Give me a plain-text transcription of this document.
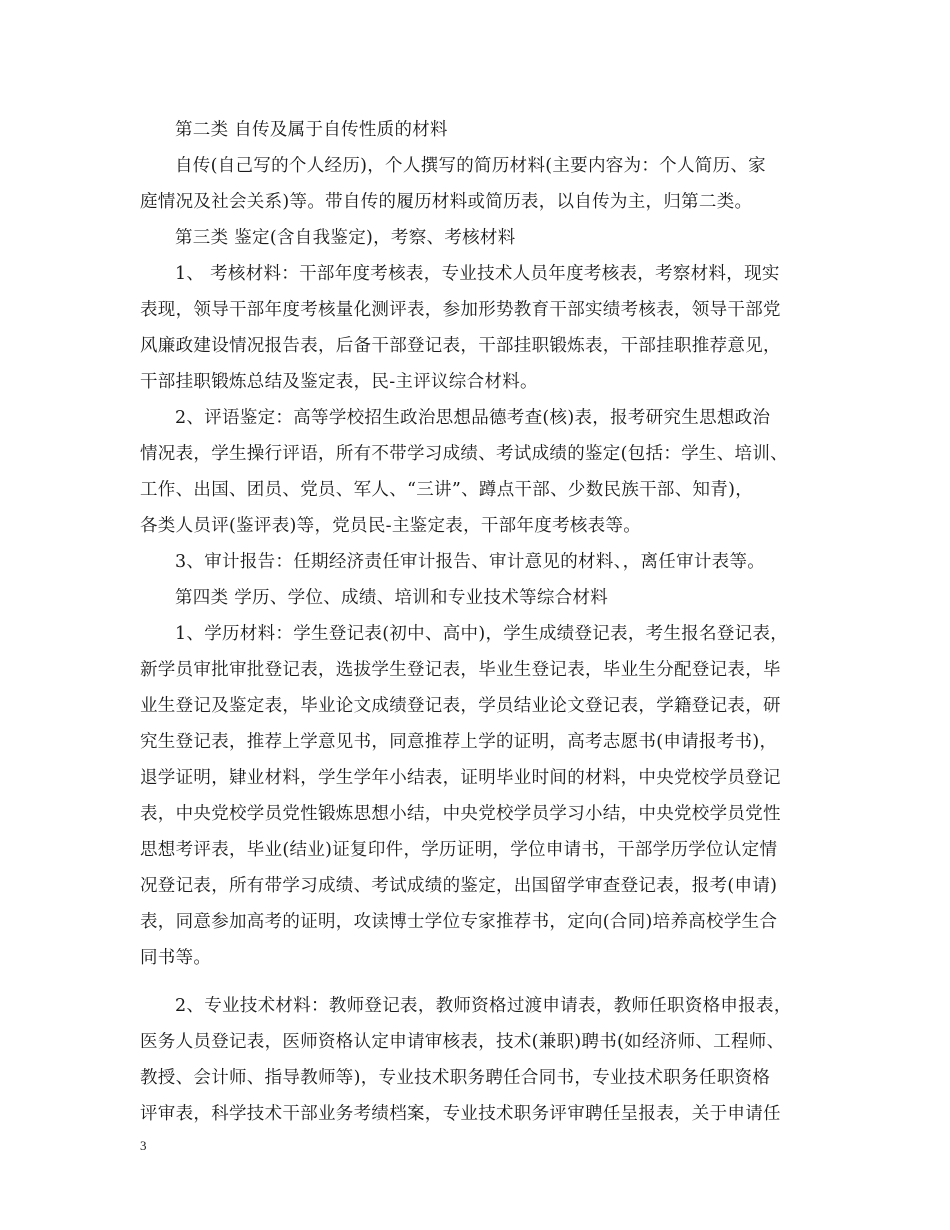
第二类 自传及属于自传性质的材料
自传(自己写的个人经历)，个人撰写的简历材料(主要内容为：个人简历、家
庭情况及社会关系)等。带自传的履历材料或简历表，以自传为主，归第二类。
第三类 鉴定(含自我鉴定)，考察、考核材料
1、 考核材料：干部年度考核表，专业技术人员年度考核表，考察材料，现实
表现，领导干部年度考核量化测评表，参加形势教育干部实绩考核表，领导干部党
风廉政建设情况报告表，后备干部登记表，干部挂职锻炼表，干部挂职推荐意见，
干部挂职锻炼总结及鉴定表，民-主评议综合材料。
2、评语鉴定：高等学校招生政治思想品德考查(核)表，报考研究生思想政治
情况表，学生操行评语，所有不带学习成绩、考试成绩的鉴定(包括：学生、培训、
工作、出国、团员、党员、军人、“三讲”、蹲点干部、少数民族干部、知青)，
各类人员评(鉴评表)等，党员民-主鉴定表，干部年度考核表等。
3、审计报告：任期经济责任审计报告、审计意见的材料、，离任审计表等。
第四类 学历、学位、成绩、培训和专业技术等综合材料
1、学历材料：学生登记表(初中、高中)，学生成绩登记表，考生报名登记表，
新学员审批审批登记表，选拔学生登记表，毕业生登记表，毕业生分配登记表，毕
业生登记及鉴定表，毕业论文成绩登记表，学员结业论文登记表，学籍登记表，研
究生登记表，推荐上学意见书，同意推荐上学的证明，高考志愿书(申请报考书)，
退学证明，肄业材料，学生学年小结表，证明毕业时间的材料，中央党校学员登记
表，中央党校学员党性锻炼思想小结，中央党校学员学习小结，中央党校学员党性
思想考评表，毕业(结业)证复印件，学历证明，学位申请书，干部学历学位认定情
况登记表，所有带学习成绩、考试成绩的鉴定，出国留学审查登记表，报考(申请)
表，同意参加高考的证明，攻读博士学位专家推荐书，定向(合同)培养高校学生合
同书等。
2、专业技术材料：教师登记表，教师资格过渡申请表，教师任职资格申报表，
医务人员登记表，医师资格认定申请审核表，技术(兼职)聘书(如经济师、工程师、
教授、会计师、指导教师等)，专业技术职务聘任合同书，专业技术职务任职资格
评审表，科学技术干部业务考绩档案，专业技术职务评审聘任呈报表，关于申请任
3
